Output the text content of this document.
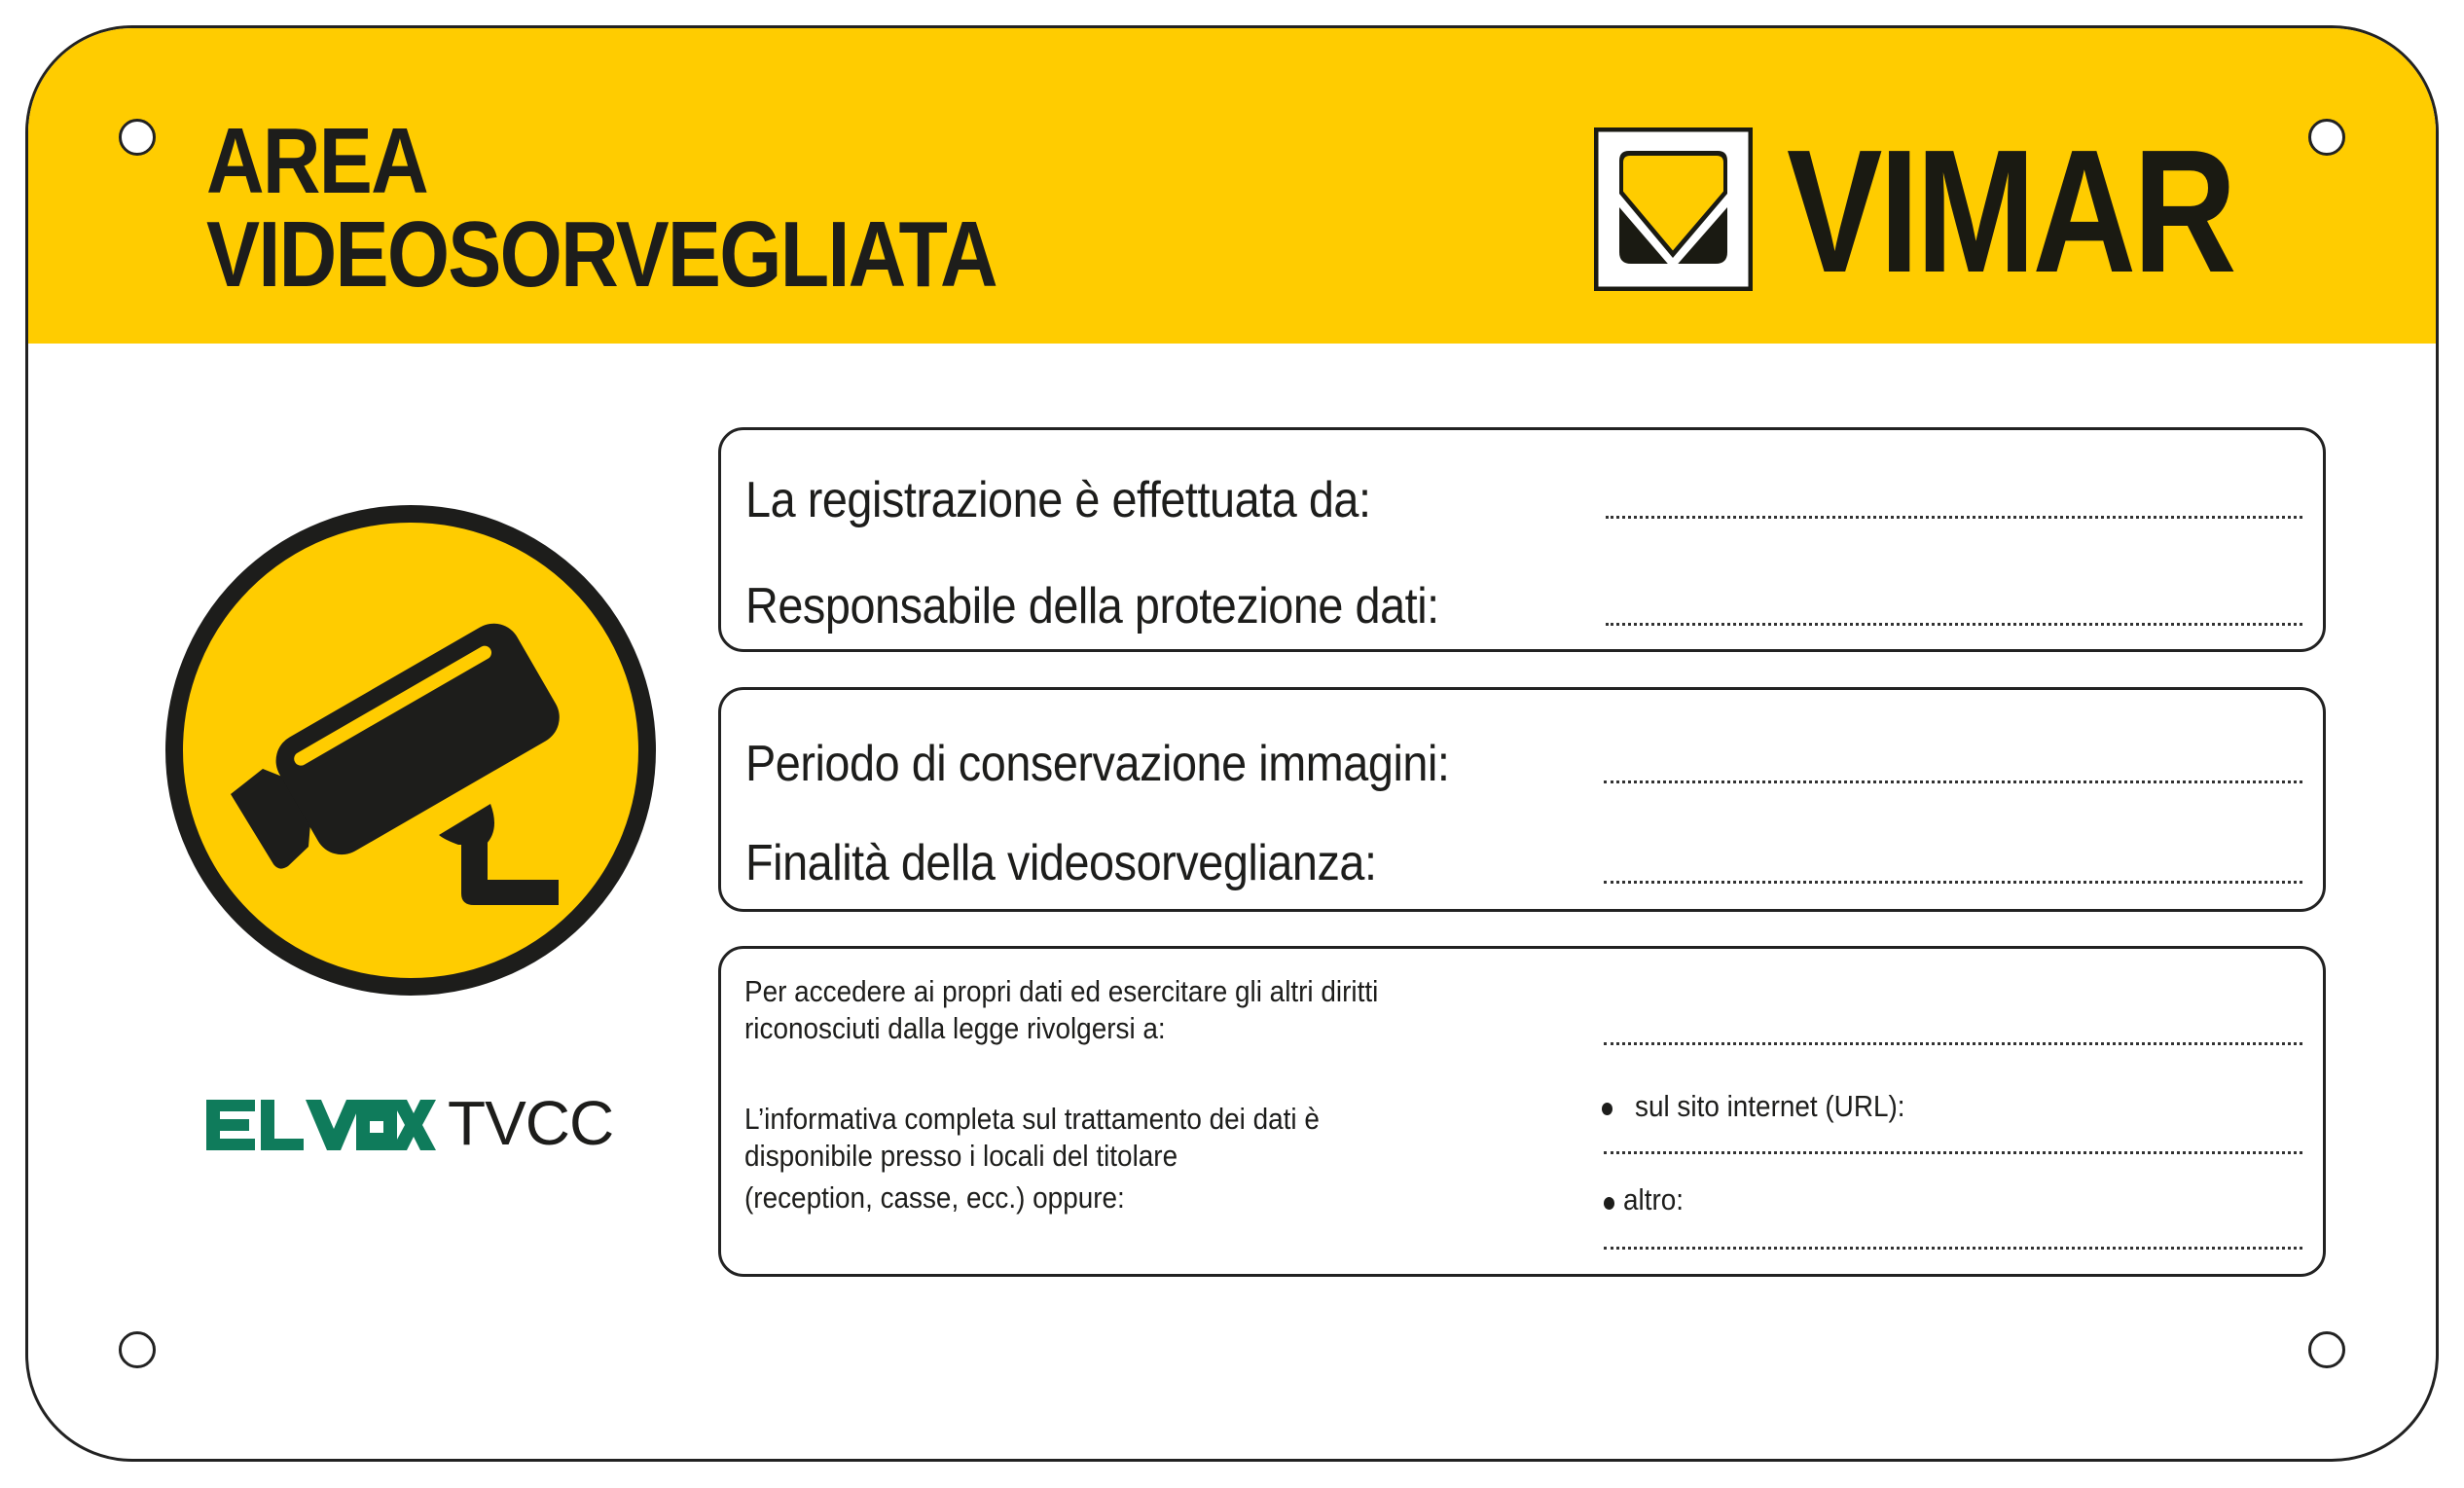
AREA
VIDEOSORVEGLIATA	VIMAR
TVCC
La registrazione è effettuata da:
Responsabile della protezione dati:
Periodo di conservazione immagini:
Finalità della videosorveglianza:
Per accedere ai propri dati ed esercitare gli altri diritti
riconosciuti dalla legge rivolgersi a:
L’informativa completa sul trattamento dei dati è
disponibile presso i locali del titolare
(reception, casse, ecc.) oppure:
sul sito internet (URL):
altro:
